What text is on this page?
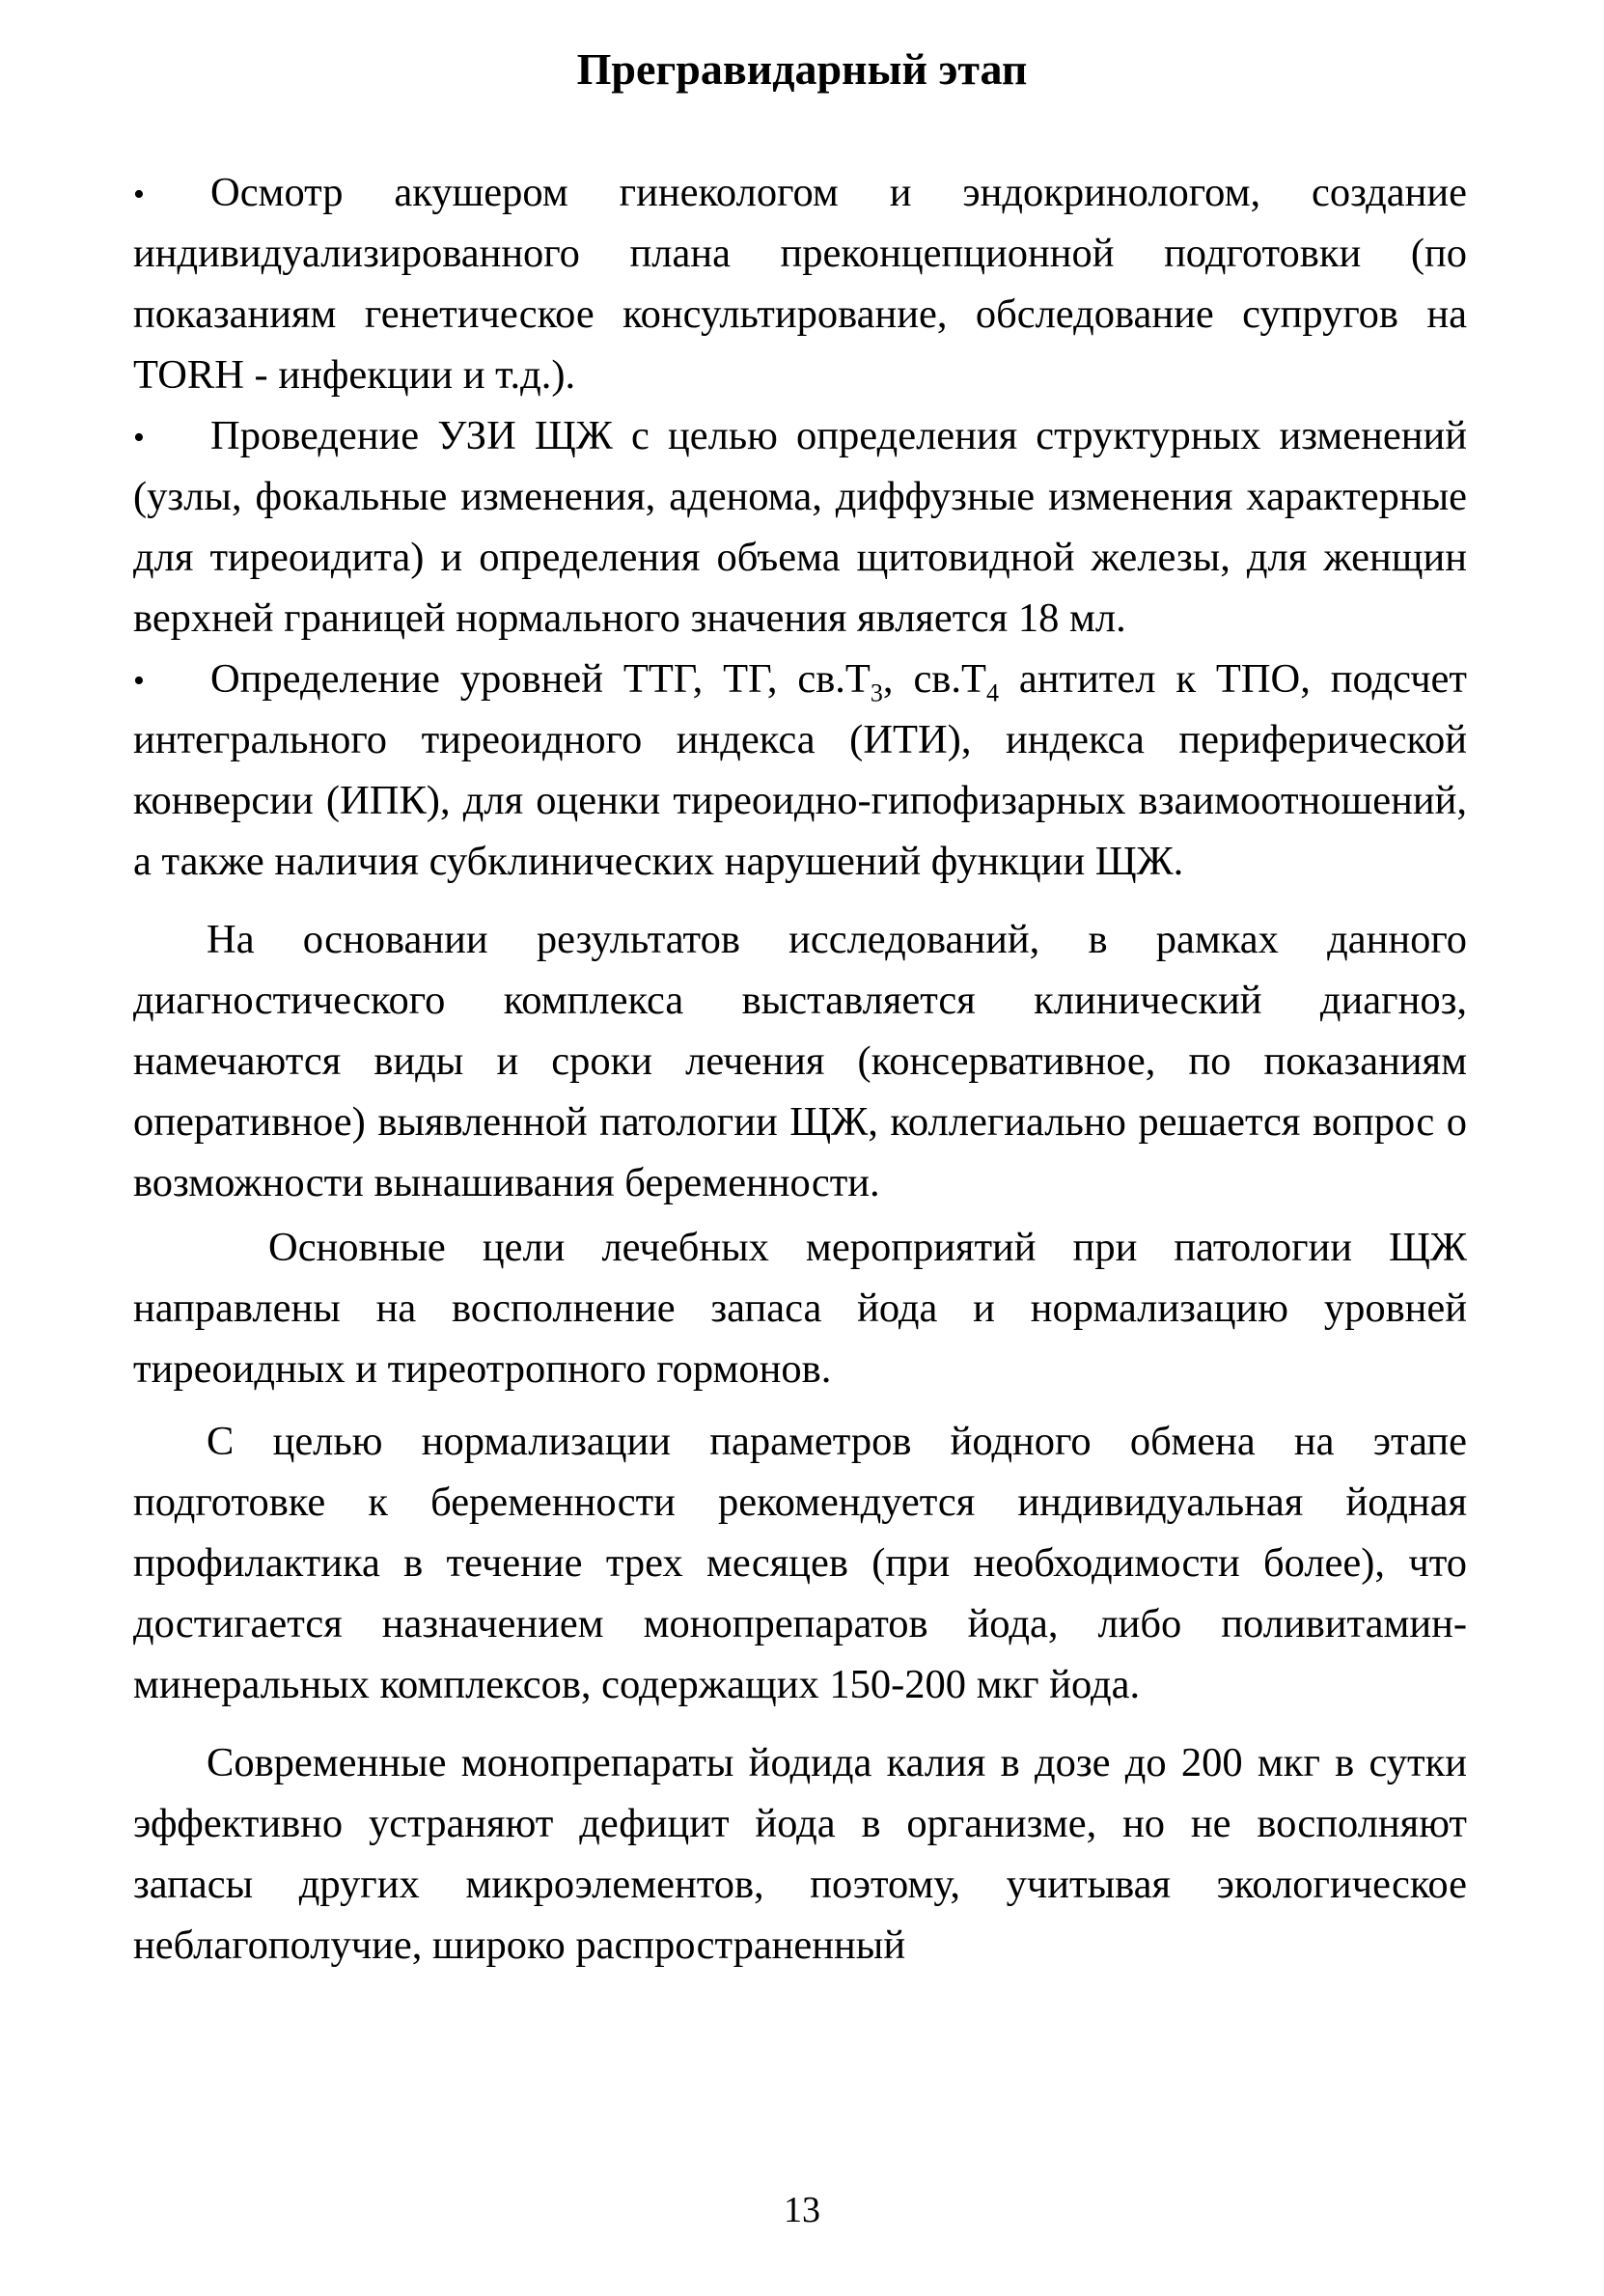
Прегравидарный этап
• Осмотр акушером гинекологом и эндокринологом, создание индивидуализированного плана преконцепционной подготовки (по показаниям генетическое консультирование, обследование супругов на TORH - инфекции и т.д.).
• Проведение УЗИ ЩЖ с целью определения структурных изменений (узлы, фокальные изменения, аденома, диффузные изменения характерные для тиреоидита) и определения объема щитовидной железы, для женщин верхней границей нормального значения является 18 мл.
• Определение уровней ТТГ, ТГ, $св.Т_3$, $св.Т_4$ антител к ТПО, подсчет интегрального тиреоидного индекса (ИТИ), индекса периферической конверсии (ИПК), для оценки тиреоидно-гипофизарных взаимоотношений, а также наличия субклинических нарушений функции ЩЖ.

На основании результатов исследований, в рамках данного диагностического комплекса выставляется клинический диагноз, намечаются виды и сроки лечения (консервативное, по показаниям оперативное) выявленной патологии ЩЖ, коллегиально решается вопрос о возможности вынашивания беременности.

Основные цели лечебных мероприятий при патологии ЩЖ направлены на восполнение запаса йода и нормализацию уровней тиреоидных и тиреотропного гормонов.

С целью нормализации параметров йодного обмена на этапе подготовке к беременности рекомендуется индивидуальная йодная профилактика в течение трех месяцев (при необходимости более), что достигается назначением монопрепаратов йода, либо поливитамин-минеральных комплексов, содержащих 150-200 мкг йода.

Современные монопрепараты йодида калия в дозе до 200 мкг в сутки эффективно устраняют дефицит йода в организме, но не восполняют запасы других микроэлементов, поэтому, учитывая экологическое неблагополучие, широко распространенный

13
